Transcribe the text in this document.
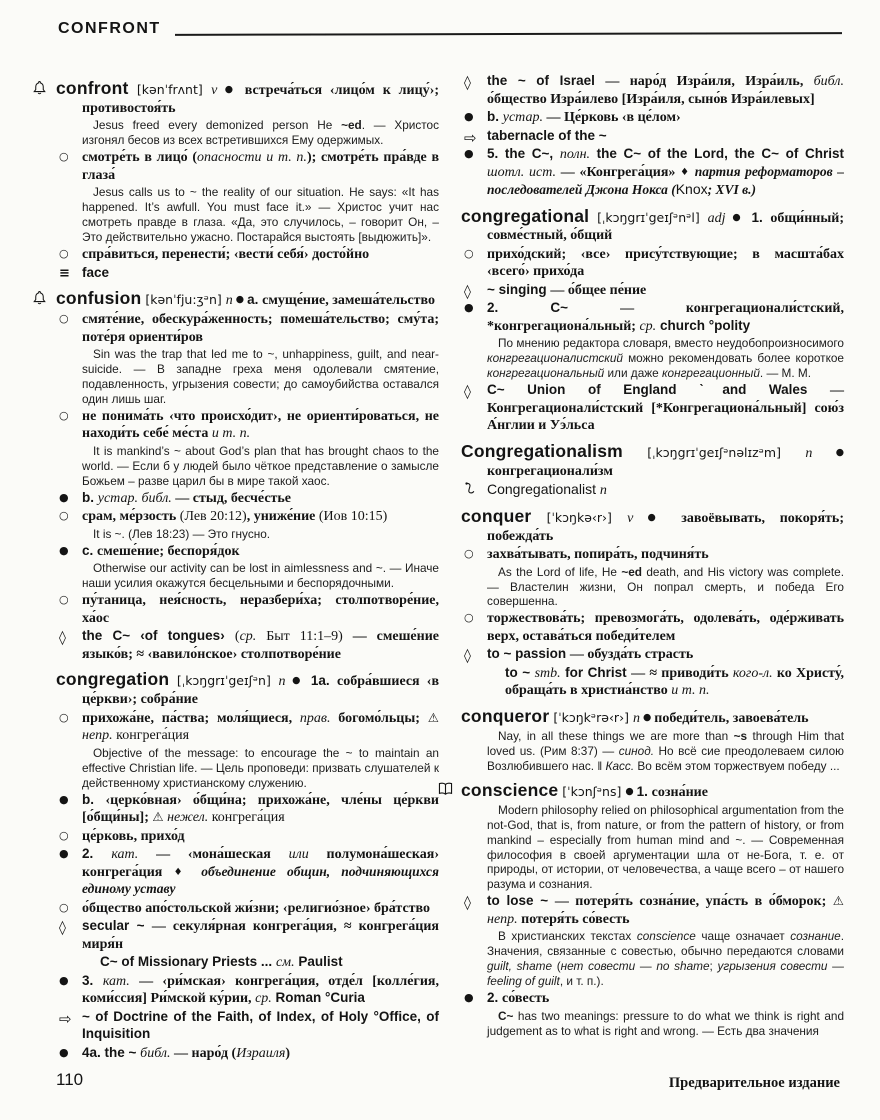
CONFRONT
confront [kənˈfrʌnt] v ● встреча́ться ‹лицо́м к лицу́›; противостоя́ть
Jesus freed every demonized person He ~ed. — Христос изгонял бесов из всех встретившихся Ему одержимых.
○ смотре́ть в лицо́ (опасности и т. п.); смотре́ть пра́вде в глаза́
Jesus calls us to ~ the reality of our situation. He says: «It has happened. It’s awfull. You must face it.» — Христос учит нас смотреть правде в глаза. «Да, это случилось, – говорит Он, – Это действительно ужасно. Постарайся выстоять [выдюжить]».
○ спра́виться, перенести́; ‹вести́ себя́› досто́йно
≡ face
confusion [kənˈfju:ʒᵊn] n ● a. смуще́ние, замеша́тельство
○ смяте́ние, обескура́женность; помеша́тельство; сму́та; поте́ря ориенти́ров
Sin was the trap that led me to ~, unhappiness, guilt, and near-suicide. — В западне греха меня одолевали смятение, подавленность, угрызения совести; до самоубийства оставался один лишь шаг.
○ не понима́ть ‹что происхо́дит›, не ориенти́роваться, не находи́ть себе́ ме́ста и т. п.
It is mankind’s ~ about God’s plan that has brought chaos to the world. — Если б у людей было чёткое представление о замысле Божьем – разве царил бы в мире такой хаос.
● b. устар. библ. — стыд, бесче́стье
○ срам, ме́рзость (Лев 20:12), униже́ние (Иов 10:15)
It is ~. (Лев 18:23) — Это гнусно.
● c. смеше́ние; беспоря́док
Otherwise our activity can be lost in aimlessness and ~. — Иначе наши усилия окажутся бесцельными и беспорядочными.
○ пу́таница, нея́сность, неразбери́ха; столпотворе́ние, ха́ос
◊ the C~ ‹of tongues› (ср. Быт 11:1–9) — смеше́ние языко́в; ≈ ‹вавило́нское› столпотворе́ние
congregation [ˌkɔŋgrɪˈgeɪʃᵊn] n ● 1a. собра́вшиеся ‹в це́ркви›; собра́ние
○ прихожа́не, па́ства; моля́щиеся, прав. богомо́льцы; ⚠ непр. конгрега́ция
Objective of the message: to encourage the ~ to maintain an effective Christian life. — Цель проповеди: призвать слушателей к действенному христианскому служению.
● b. ‹церко́вная› о́бщи́на; прихожа́не, чле́ны це́ркви [о́бщи́ны]; ⚠ нежел. конгрега́ция
○ це́рковь, прихо́д
● 2. кат. — ‹мона́шеская или полумона́шеская› конгрега́ция ♦ объединение общин, подчиняющихся единому уставу
○ о́бщество апо́стольской жи́зни; ‹религио́зное› бра́тство
◊ secular ~ — секуля́рная конгрега́ция, ≈ конгрега́ция миря́н
C~ of Missionary Priests ... см. Paulist
● 3. кат. — ‹ри́мская› конгрега́ция, отде́л [колле́гия, коми́ссия] Ри́мской ку́рии, ср. Roman °Curia
⇨ ~ of Doctrine of the Faith, of Index, of Holy °Office, of Inquisition
● 4a. the ~ библ. — наро́д (Израиля)
◊ the ~ of Israel — наро́д Изра́иля, Изра́иль, библ. о́бщество Изра́илево [Изра́иля, сыно́в Изра́илевых]
● b. устар. — Це́рковь ‹в це́лом›
⇨ tabernacle of the ~
● 5. the C~, полн. the C~ of the Lord, the C~ of Christ шотл. ист. — «Конгрега́ция» ♦ партия реформаторов – последователей Джона Нокса (Knox; XVI в.)
congregational [ˌkɔŋgrɪˈgeɪʃᵊnᵊl] adj ● 1. общи́нный; совме́стный, о́бщий
○ прихо́дский; ‹все› прису́тствующие; в масшта́бах ‹всего́› прихо́да
◊ ~ singing — о́бщее пе́ние
● 2. C~ — конгрегационали́стский, *конгрегациона́льный; ср. church °polity
По мнению редактора словаря, вместо неудобопроизносимого конгрегационалистский можно рекомендовать более короткое конгрегациональный или даже конгрегационный. — М. М.
◊ C~ Union of England ˋand Wales — Конгрегационали́стский [*Конгрегациона́льный] сою́з А́нглии и Уэ́льса
Congregationalism [ˌkɔŋgrɪˈgeɪʃᵊnəlɪzᵊm] n ● конгрегационали́зм
Congregationalist n
conquer [ˈkɔŋkə‹r›] v ● завоёвывать, покоря́ть; побежда́ть
○ захва́тывать, попира́ть, подчиня́ть
As the Lord of life, He ~ed death, and His victory was complete. — Властелин жизни, Он попрал смерть, и победа Его совершенна.
○ торжествова́ть; превозмога́ть, одолева́ть, оде́рживать верх, остава́ться победи́телем
◊ to ~ passion — обузда́ть страсть
to ~ smb. for Christ — ≈ приводи́ть кого-л. ко Христу́, обраща́ть в христиа́нство и т. п.
conqueror [ˈkɔŋkᵊrə‹r›] n ● победи́тель, завоева́тель
Nay, in all these things we are more than ~s through Him that loved us. (Рим 8:37) — синод. Но всё сие преодолеваем силою Возлюбившего нас. ‖ Касс. Во всём этом торжествуем победу ...
conscience [ˈkɔnʃᵊns] ● 1. созна́ние
Modern philosophy relied on philosophical argumentation from the not-God, that is, from nature, or from the pattern of history, or from mankind – especially from human mind and ~. — Современная философия в своей аргументации шла от не-Бога, т. е. от природы, от истории, от человечества, а чаще всего – от нашего разума и сознания.
◊ to lose ~ — потеря́ть созна́ние, упа́сть в о́бморок; ⚠ непр. потеря́ть со́весть
В христианских текстах conscience чаще означает сознание. Значения, связанные с совестью, обычно передаются словами guilt, shame (нет совести — no shame; угрызения совести — feeling of guilt, и т. п.).
● 2. со́весть
C~ has two meanings: pressure to do what we think is right and judgement as to what is right and wrong. — Есть два значения
110	Предварительное издание
